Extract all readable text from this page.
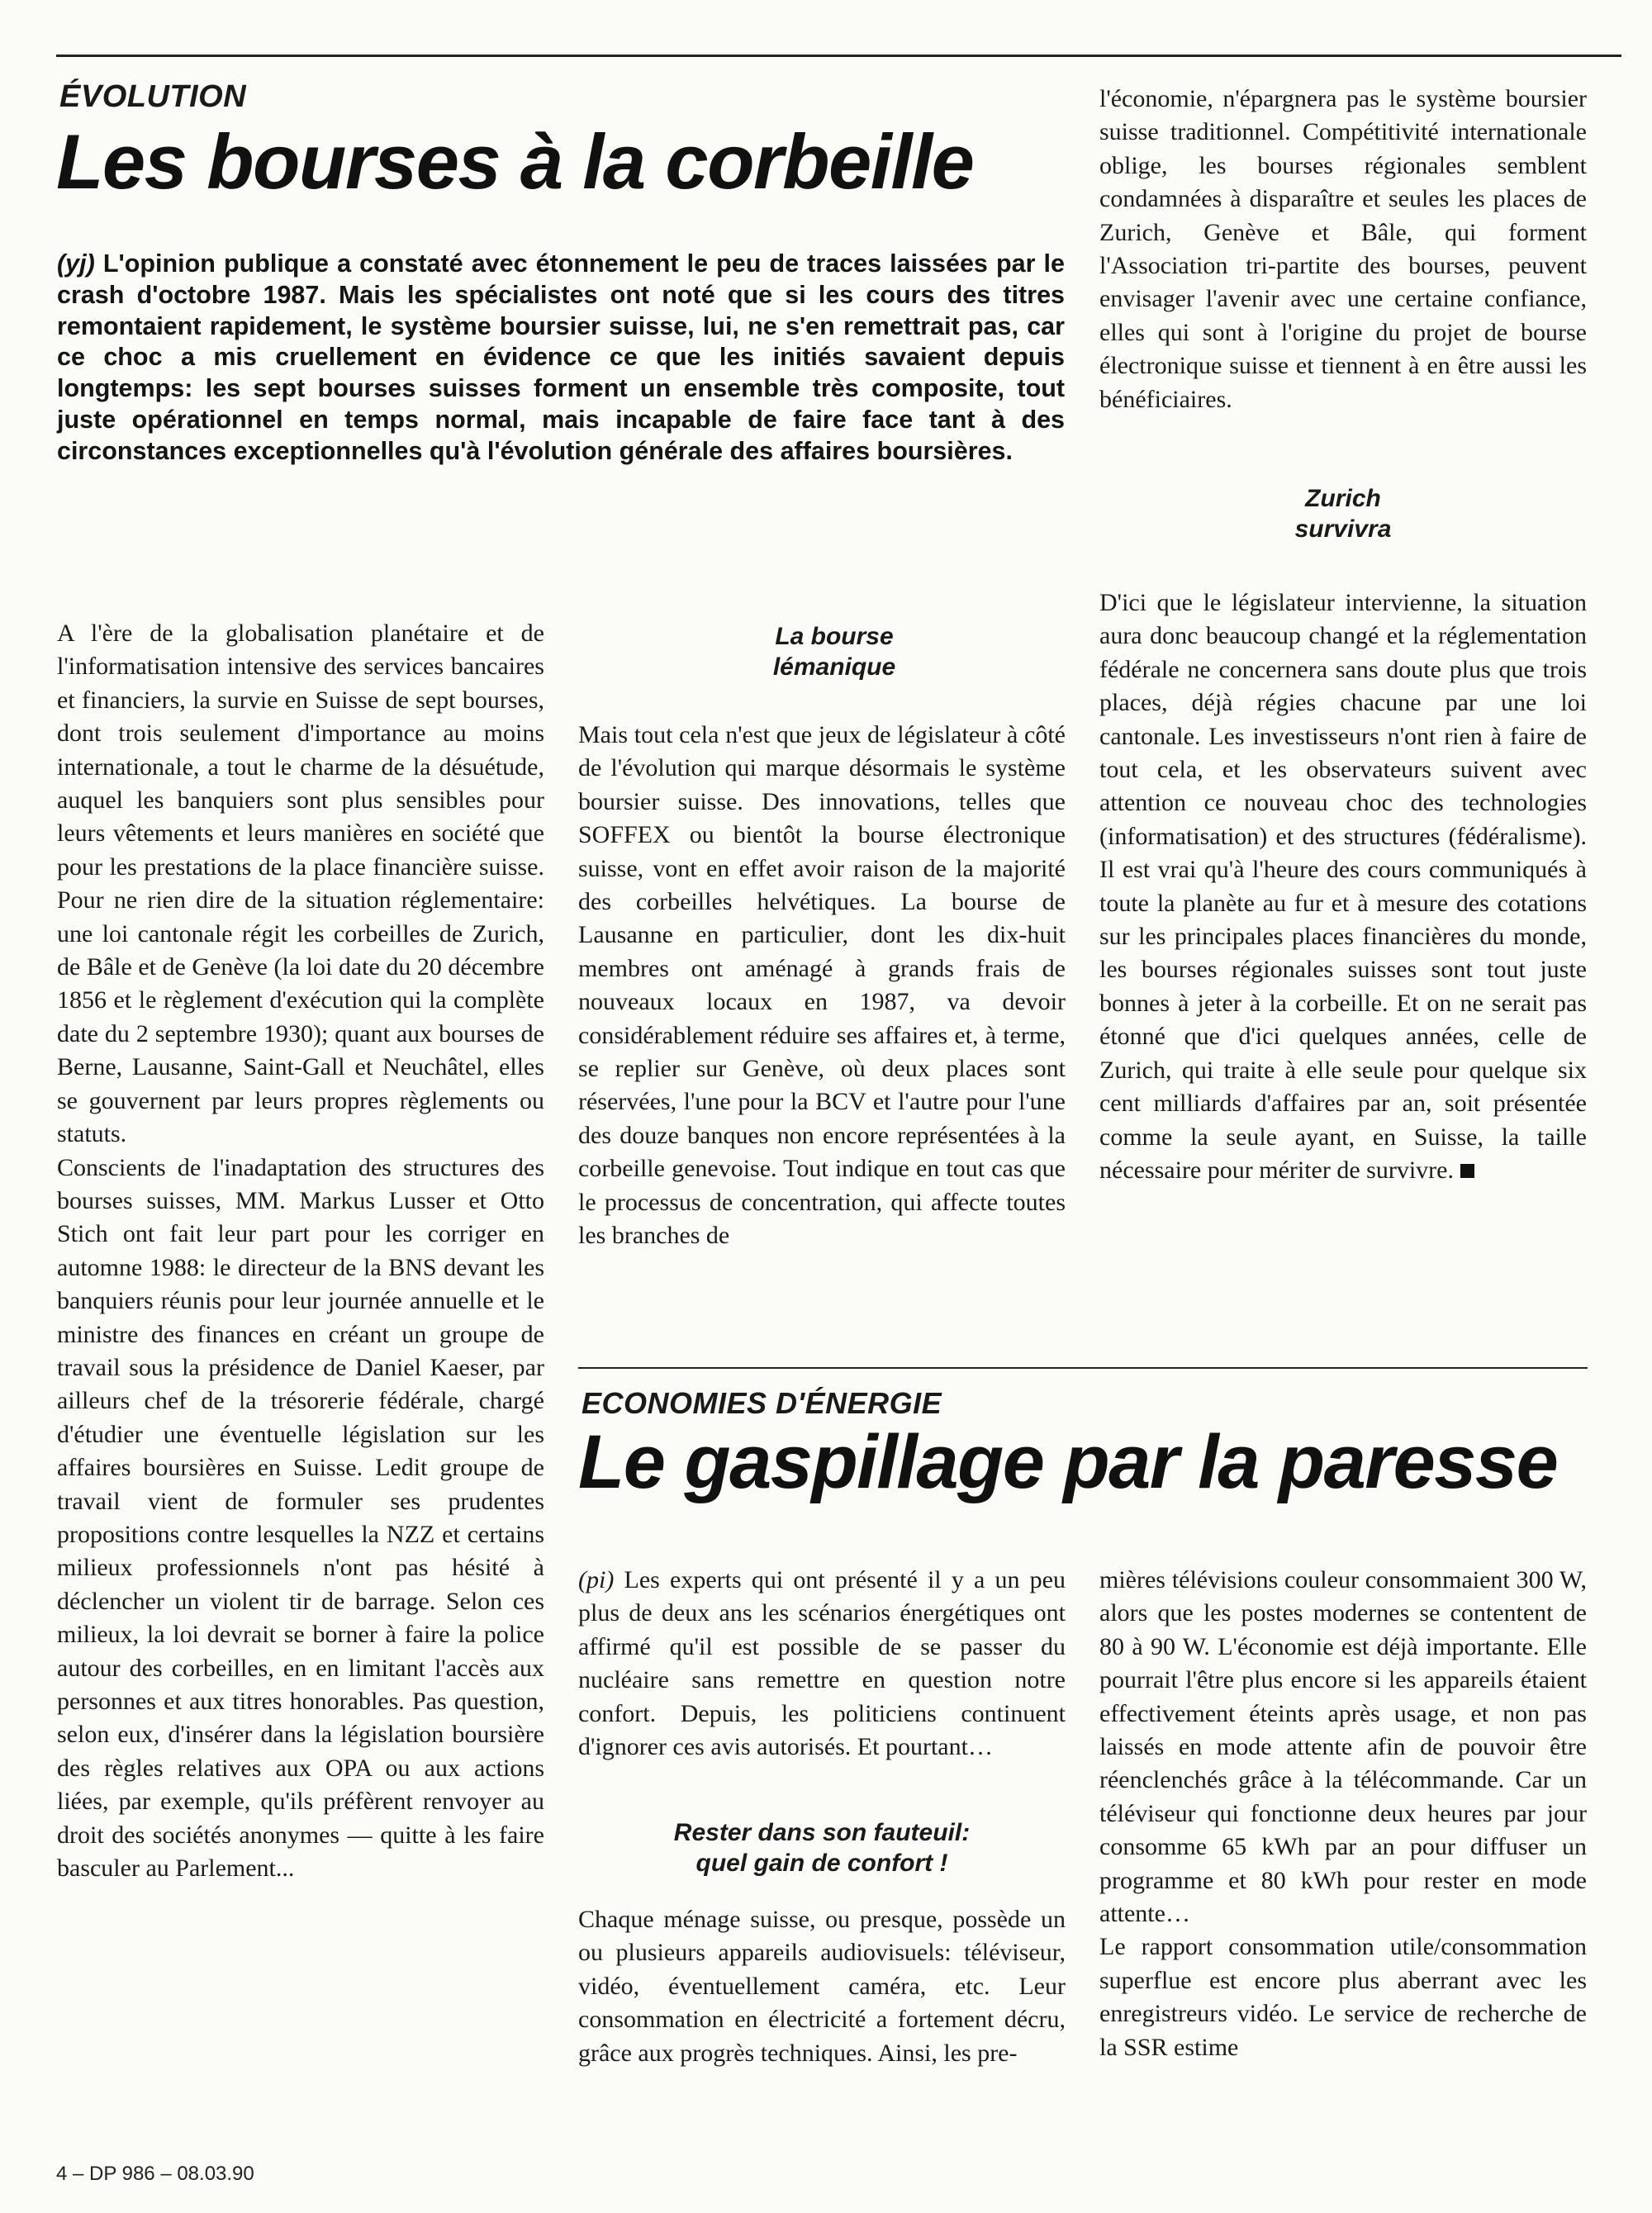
ÉVOLUTION
Les bourses à la corbeille

(yj) L'opinion publique a constaté avec étonnement le peu de traces laissées par le crash d'octobre 1987. Mais les spécialistes ont noté que si les cours des titres remontaient rapidement, le système boursier suisse, lui, ne s'en remettrait pas, car ce choc a mis cruellement en évidence ce que les initiés savaient depuis longtemps: les sept bourses suisses forment un ensemble très composite, tout juste opérationnel en temps normal, mais incapable de faire face tant à des circonstances exceptionnelles qu'à l'évolution générale des affaires boursières.

A l'ère de la globalisation planétaire et de l'informatisation intensive des services bancaires et financiers, la survie en Suisse de sept bourses, dont trois seulement d'importance au moins internationale, a tout le charme de la désuétude, auquel les banquiers sont plus sensibles pour leurs vêtements et leurs manières en société que pour les prestations de la place financière suisse. Pour ne rien dire de la situation réglementaire: une loi cantonale régit les corbeilles de Zurich, de Bâle et de Genève (la loi date du 20 décembre 1856 et le règlement d'exécution qui la complète date du 2 septembre 1930); quant aux bourses de Berne, Lausanne, Saint-Gall et Neuchâtel, elles se gouvernent par leurs propres règlements ou statuts.

Conscients de l'inadaptation des structures des bourses suisses, MM. Markus Lusser et Otto Stich ont fait leur part pour les corriger en automne 1988: le directeur de la BNS devant les banquiers réunis pour leur journée annuelle et le ministre des finances en créant un groupe de travail sous la présidence de Daniel Kaeser, par ailleurs chef de la trésorerie fédérale, chargé d'étudier une éventuelle législation sur les affaires boursières en Suisse. Ledit groupe de travail vient de formuler ses prudentes propositions contre lesquelles la NZZ et certains milieux professionnels n'ont pas hésité à déclencher un violent tir de barrage. Selon ces milieux, la loi devrait se borner à faire la police autour des corbeilles, en en limitant l'accès aux personnes et aux titres honorables. Pas question, selon eux, d'insérer dans la législation boursière des règles relatives aux OPA ou aux actions liées, par exemple, qu'ils préfèrent renvoyer au droit des sociétés anonymes — quitte à les faire basculer au Parlement...

La bourse
lémanique

Mais tout cela n'est que jeux de législateur à côté de l'évolution qui marque désormais le système boursier suisse. Des innovations, telles que SOFFEX ou bientôt la bourse électronique suisse, vont en effet avoir raison de la majorité des corbeilles helvétiques. La bourse de Lausanne en particulier, dont les dix-huit membres ont aménagé à grands frais de nouveaux locaux en 1987, va devoir considérablement réduire ses affaires et, à terme, se replier sur Genève, où deux places sont réservées, l'une pour la BCV et l'autre pour l'une des douze banques non encore représentées à la corbeille genevoise. Tout indique en tout cas que le processus de concentration, qui affecte toutes les branches de

l'économie, n'épargnera pas le système boursier suisse traditionnel. Compétitivité internationale oblige, les bourses régionales semblent condamnées à disparaître et seules les places de Zurich, Genève et Bâle, qui forment l'Association tri-partite des bourses, peuvent envisager l'avenir avec une certaine confiance, elles qui sont à l'origine du projet de bourse électronique suisse et tiennent à en être aussi les bénéficiaires.

Zurich
survivra

D'ici que le législateur intervienne, la situation aura donc beaucoup changé et la réglementation fédérale ne concernera sans doute plus que trois places, déjà régies chacune par une loi cantonale. Les investisseurs n'ont rien à faire de tout cela, et les observateurs suivent avec attention ce nouveau choc des technologies (informatisation) et des structures (fédéralisme). Il est vrai qu'à l'heure des cours communiqués à toute la planète au fur et à mesure des cotations sur les principales places financières du monde, les bourses régionales suisses sont tout juste bonnes à jeter à la corbeille. Et on ne serait pas étonné que d'ici quelques années, celle de Zurich, qui traite à elle seule pour quelque six cent milliards d'affaires par an, soit présentée comme la seule ayant, en Suisse, la taille nécessaire pour mériter de survivre.

ECONOMIES D'ÉNERGIE
Le gaspillage par la paresse

(pi) Les experts qui ont présenté il y a un peu plus de deux ans les scénarios énergétiques ont affirmé qu'il est possible de se passer du nucléaire sans remettre en question notre confort. Depuis, les politiciens continuent d'ignorer ces avis autorisés. Et pourtant…

Rester dans son fauteuil:
quel gain de confort !

Chaque ménage suisse, ou presque, possède un ou plusieurs appareils audiovisuels: téléviseur, vidéo, éventuellement caméra, etc. Leur consommation en électricité a fortement décru, grâce aux progrès techniques. Ainsi, les pre-

mières télévisions couleur consommaient 300 W, alors que les postes modernes se contentent de 80 à 90 W. L'économie est déjà importante. Elle pourrait l'être plus encore si les appareils étaient effectivement éteints après usage, et non pas laissés en mode attente afin de pouvoir être réenclenchés grâce à la télécommande. Car un téléviseur qui fonctionne deux heures par jour consomme 65 kWh par an pour diffuser un programme et 80 kWh pour rester en mode attente…

Le rapport consommation utile/consommation superflue est encore plus aberrant avec les enregistreurs vidéo. Le service de recherche de la SSR estime

4 – DP 986 – 08.03.90
